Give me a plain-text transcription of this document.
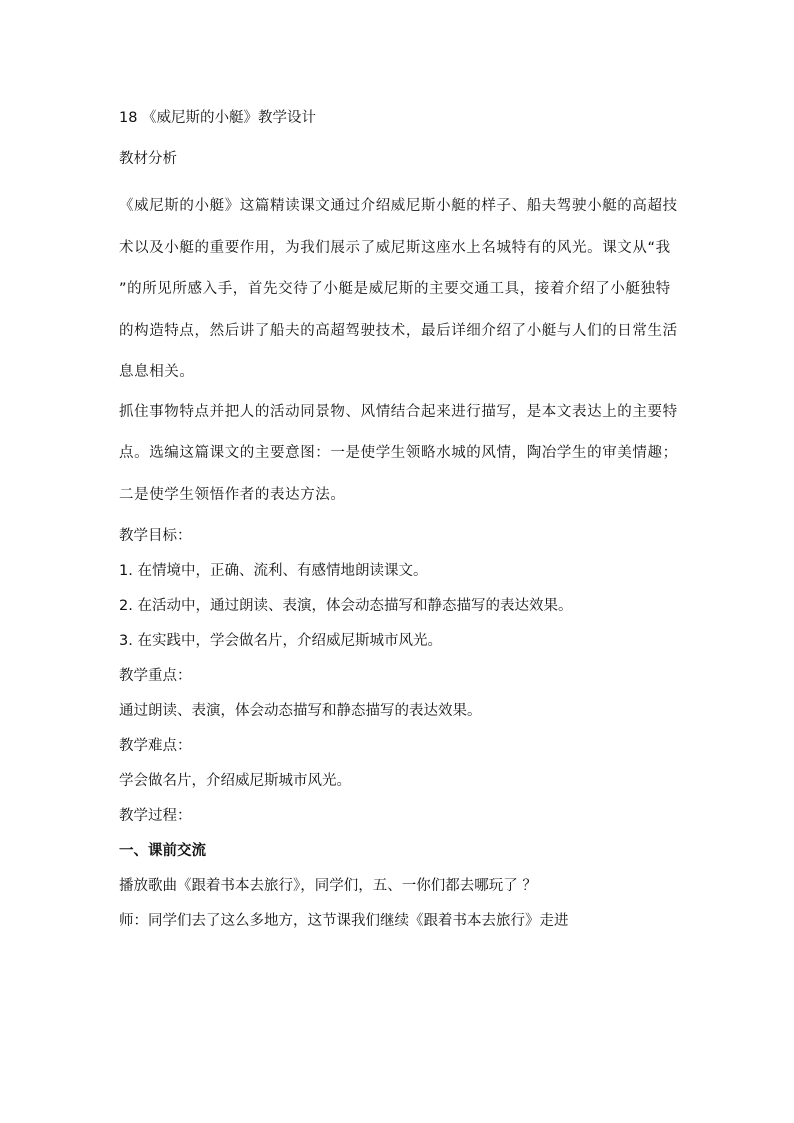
18 《威尼斯的小艇》教学设计
教材分析
《威尼斯的小艇》这篇精读课文通过介绍威尼斯小艇的样子、船夫驾驶小艇的高超技术以及小艇的重要作用，为我们展示了威尼斯这座水上名城特有的风光。课文从“我 ”的所见所感入手，首先交待了小艇是威尼斯的主要交通工具，接着介绍了小艇独特的构造特点，然后讲了船夫的高超驾驶技术，最后详细介绍了小艇与人们的日常生活息息相关。
抓住事物特点并把人的活动同景物、风情结合起来进行描写，是本文表达上的主要特点。选编这篇课文的主要意图：一是使学生领略水城的风情，陶冶学生的审美情趣；二是使学生领悟作者的表达方法。
教学目标：
1. 在情境中，正确、流利、有感情地朗读课文。
2. 在活动中，通过朗读、表演，体会动态描写和静态描写的表达效果。
3. 在实践中，学会做名片，介绍威尼斯城市风光。
教学重点：
通过朗读、表演，体会动态描写和静态描写的表达效果。
教学难点：
学会做名片，介绍威尼斯城市风光。
教学过程：
一、课前交流
播放歌曲《跟着书本去旅行》，同学们，五、一你们都去哪玩了 ？
师：同学们去了这么多地方，这节课我们继续《跟着书本去旅行》走进
